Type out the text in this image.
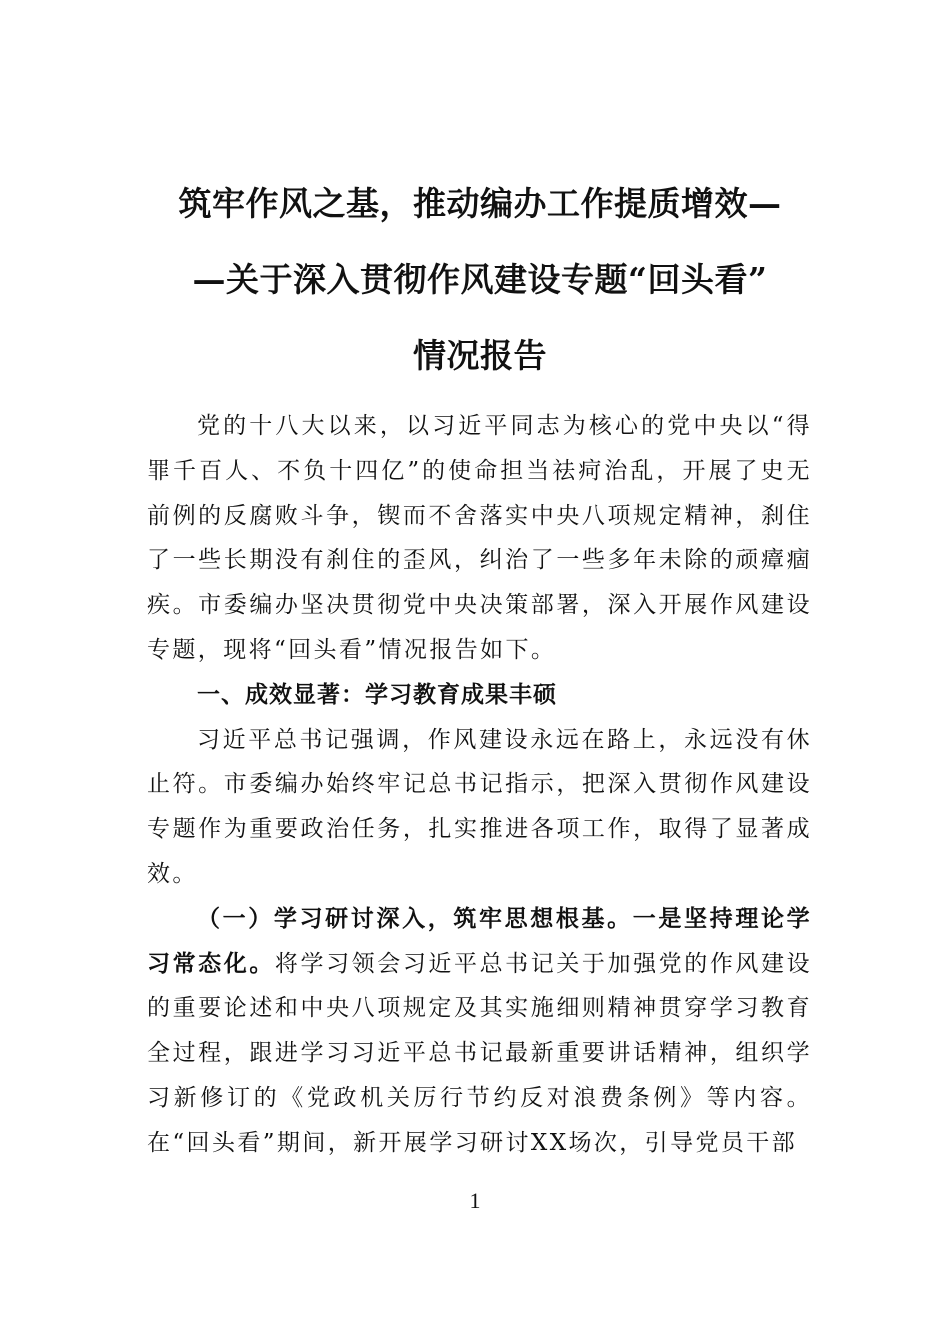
筑牢作风之基，推动编办工作提质增效—
—关于深入贯彻作风建设专题“回头看”
情况报告

党的十八大以来，以习近平同志为核心的党中央以“得罪千百人、不负十四亿”的使命担当祛疴治乱，开展了史无前例的反腐败斗争，锲而不舍落实中央八项规定精神，刹住了一些长期没有刹住的歪风，纠治了一些多年未除的顽瘴痼疾。市委编办坚决贯彻党中央决策部署，深入开展作风建设专题，现将“回头看”情况报告如下。

一、成效显著：学习教育成果丰硕

习近平总书记强调，作风建设永远在路上，永远没有休止符。市委编办始终牢记总书记指示，把深入贯彻作风建设专题作为重要政治任务，扎实推进各项工作，取得了显著成效。

（一）学习研讨深入，筑牢思想根基。一是坚持理论学习常态化。将学习领会习近平总书记关于加强党的作风建设的重要论述和中央八项规定及其实施细则精神贯穿学习教育全过程，跟进学习习近平总书记最新重要讲话精神，组织学习新修订的《党政机关厉行节约反对浪费条例》等内容。在“回头看”期间，新开展学习研讨XX场次，引导党员干部

1
